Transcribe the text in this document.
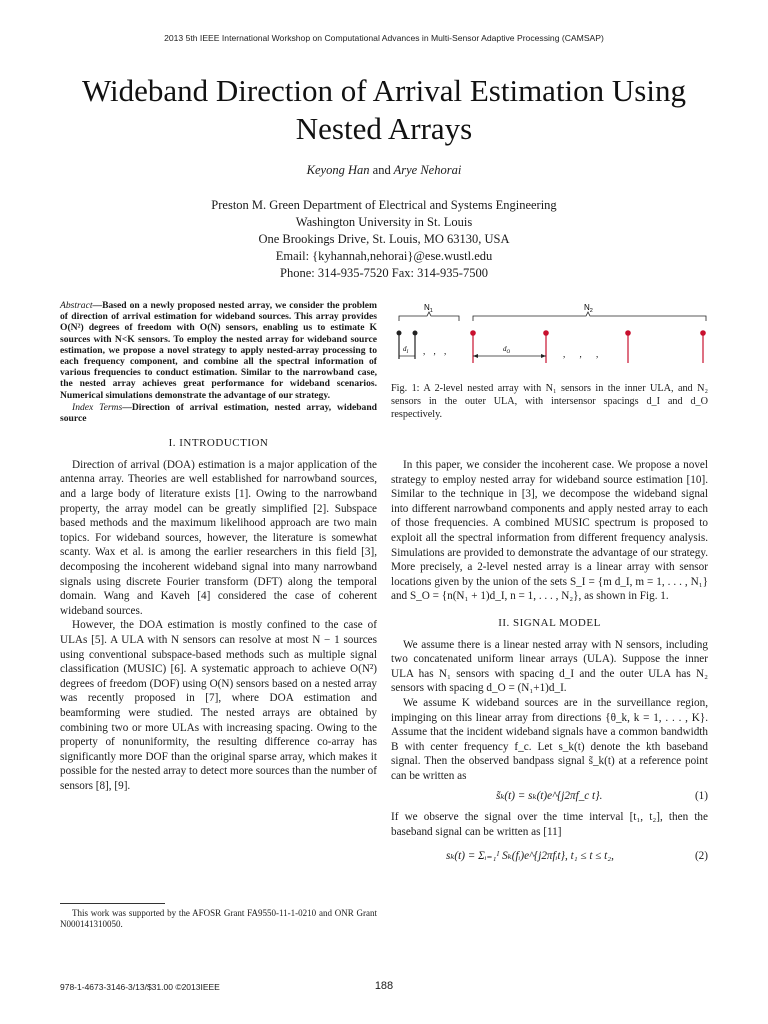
2013 5th IEEE International Workshop on Computational Advances in Multi-Sensor Adaptive Processing (CAMSAP)
Wideband Direction of Arrival Estimation Using
Nested Arrays
Keyong Han and Arye Nehorai
Preston M. Green Department of Electrical and Systems Engineering
Washington University in St. Louis
One Brookings Drive, St. Louis, MO 63130, USA
Email: {kyhannah,nehorai}@ese.wustl.edu
Phone: 314-935-7520 Fax: 314-935-7500
Abstract—Based on a newly proposed nested array, we consider the problem of direction of arrival estimation for wideband sources. This array provides O(N²) degrees of freedom with O(N) sensors, enabling us to estimate K sources with N<K sensors. To employ the nested array for wideband source estimation, we propose a novel strategy to apply nested-array processing to each frequency component, and combine all the spectral information of various frequencies to conduct estimation. Similar to the narrowband case, the nested array achieves great performance for wideband scenarios. Numerical simulations demonstrate the advantage of our strategy.
Index Terms—Direction of arrival estimation, nested array, wideband source
I. INTRODUCTION

Direction of arrival (DOA) estimation is a major application of the antenna array. Theories are well established for narrowband sources, and a large body of literature exists [1]. Owing to the narrowband property, the array model can be greatly simplified [2]. Subspace based methods and the maximum likelihood approach are two main topics. For wideband sources, however, the literature is somewhat scanty. Wax et al. is among the earlier researchers in this field [3], decomposing the incoherent wideband signal into many narrowband signals using discrete Fourier transform (DFT) along the temporal domain. Wang and Kaveh [4] considered the case of coherent wideband sources.

However, the DOA estimation is mostly confined to the case of ULAs [5]. A ULA with N sensors can resolve at most N − 1 sources using conventional subspace-based methods such as multiple signal classification (MUSIC) [6]. A systematic approach to achieve O(N²) degrees of freedom (DOF) using O(N) sensors based on a nested array was recently proposed in [7], where DOA estimation and beamforming were studied. The nested arrays are obtained by combining two or more ULAs with increasing spacing. Owing to the property of nonuniformity, the resulting difference co-array has significantly more DOF than the original sparse array, which makes it possible for the nested array to detect more sources than the number of sensors [8], [9].

This work was supported by the AFOSR Grant FA9550-11-1-0210 and ONR Grant N000141310050.
$N_1$	$N_2$
$d_I$ , , ,	$d_O$	, , ,
Fig. 1: A 2-level nested array with N₁ sensors in the inner ULA, and N₂ sensors in the outer ULA, with intersensor spacings d_I and d_O respectively.

In this paper, we consider the incoherent case. We propose a novel strategy to employ nested array for wideband source estimation [10]. Similar to the technique in [3], we decompose the wideband signal into different narrowband components and apply nested array to each of those frequencies. A combined MUSIC spectrum is proposed to exploit all the spectral information from different frequency analysis. Simulations are provided to demonstrate the advantage of our strategy. More precisely, a 2-level nested array is a linear array with sensor locations given by the union of the sets S_I = {m d_I, m = 1, . . . , N₁} and S_O = {n(N₁ + 1)d_I, n = 1, . . . , N₂}, as shown in Fig. 1.

II. SIGNAL MODEL

We assume there is a linear nested array with N sensors, including two concatenated uniform linear arrays (ULA). Suppose the inner ULA has N₁ sensors with spacing d_I and the outer ULA has N₂ sensors with spacing d_O = (N₁+1)d_I.

We assume K wideband sources are in the surveillance region, impinging on this linear array from directions {θ_k, k = 1, . . . , K}. Assume that the incident wideband signals have a common bandwidth B with center frequency f_c. Let s_k(t) denote the kth baseband signal. Then the observed bandpass signal s̃_k(t) at a reference point can be written as

s̃ₖ(t) = sₖ(t)e^{j2πf_c t}.	(1)

If we observe the signal over the time interval [t₁, t₂], then the baseband signal can be written as [11]

sₖ(t) = Σᵢ₌₁ᴵ Sₖ(fᵢ)e^{j2πfᵢt}, t₁ ≤ t ≤ t₂,	(2)
978-1-4673-3146-3/13/$31.00 ©2013IEEE	188
